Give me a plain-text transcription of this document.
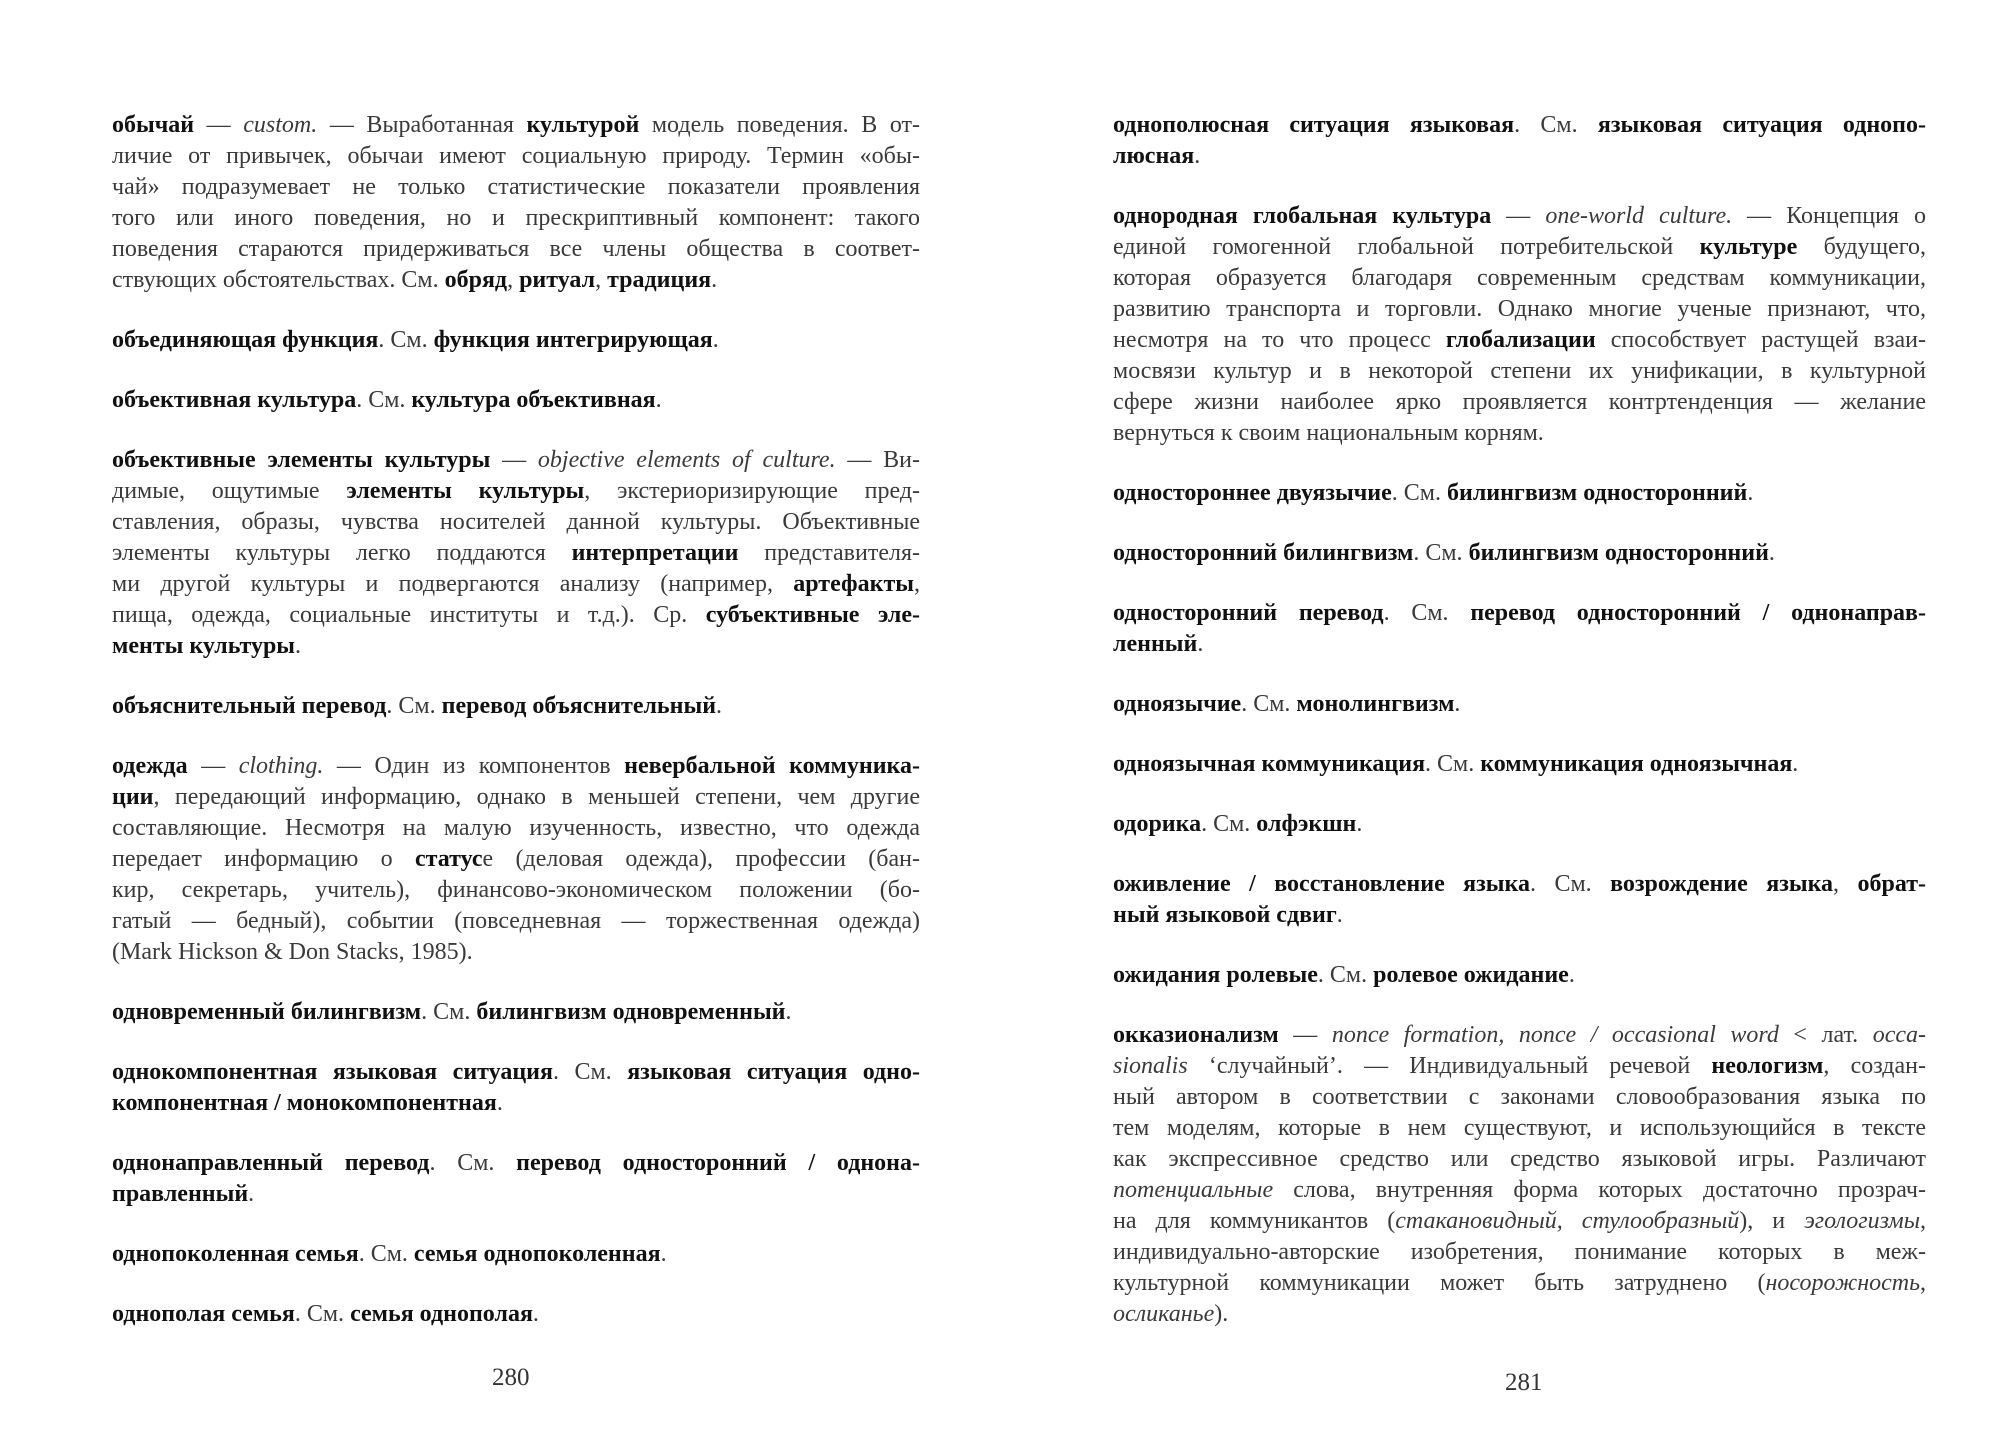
обычай — custom. — Выработанная культурой модель поведения. В от-
личие от привычек, обычаи имеют социальную природу. Термин «обы-
чай» подразумевает не только статистические показатели проявления
того или иного поведения, но и прескриптивный компонент: такого
поведения стараются придерживаться все члены общества в соответ-
ствующих обстоятельствах. См. обряд, ритуал, традиция.
объединяющая функция. См. функция интегрирующая.
объективная культура. См. культура объективная.
объективные элементы культуры — objective elements of culture. — Ви-
димые, ощутимые элементы культуры, экстериоризирующие пред-
ставления, образы, чувства носителей данной культуры. Объективные
элементы культуры легко поддаются интерпретации представителя-
ми другой культуры и подвергаются анализу (например, артефакты,
пища, одежда, социальные институты и т.д.). Ср. субъективные эле-
менты культуры.
объяснительный перевод. См. перевод объяснительный.
одежда — clothing. — Один из компонентов невербальной коммуника-
ции, передающий информацию, однако в меньшей степени, чем другие
составляющие. Несмотря на малую изученность, известно, что одежда
передает информацию о статусе (деловая одежда), профессии (бан-
кир, секретарь, учитель), финансово-экономическом положении (бо-
гатый — бедный), событии (повседневная — торжественная одежда)
(Mark Hickson & Don Stacks, 1985).
одновременный билингвизм. См. билингвизм одновременный.
однокомпонентная языковая ситуация. См. языковая ситуация одно-
компонентная / монокомпонентная.
однонаправленный перевод. См. перевод односторонний / однона-
правленный.
однопоколенная семья. См. семья однопоколенная.
однополая семья. См. семья однополая.
однополюсная ситуация языковая. См. языковая ситуация однопо-
люсная.
однородная глобальная культура — one-world culture. — Концепция о
единой гомогенной глобальной потребительской культуре будущего,
которая образуется благодаря современным средствам коммуникации,
развитию транспорта и торговли. Однако многие ученые признают, что,
несмотря на то что процесс глобализации способствует растущей взаи-
мосвязи культур и в некоторой степени их унификации, в культурной
сфере жизни наиболее ярко проявляется контртенденция — желание
вернуться к своим национальным корням.
одностороннее двуязычие. См. билингвизм односторонний.
односторонний билингвизм. См. билингвизм односторонний.
односторонний перевод. См. перевод односторонний / однонаправ-
ленный.
одноязычие. См. монолингвизм.
одноязычная коммуникация. См. коммуникация одноязычная.
одорика. См. олфэкшн.
оживление / восстановление языка. См. возрождение языка, обрат-
ный языковой сдвиг.
ожидания ролевые. См. ролевое ожидание.
окказионализм — nonce formation, nonce / occasional word < лат. occa-
sionalis ‘случайный’. — Индивидуальный речевой неологизм, создан-
ный автором в соответствии с законами словообразования языка по
тем моделям, которые в нем существуют, и использующийся в тексте
как экспрессивное средство или средство языковой игры. Различают
потенциальные слова, внутренняя форма которых достаточно прозрач-
на для коммуникантов (стакановидный, стулообразный), и эгологизмы,
индивидуально-авторские изобретения, понимание которых в меж-
культурной коммуникации может быть затруднено (носорожность,
осликанье).
280	281
